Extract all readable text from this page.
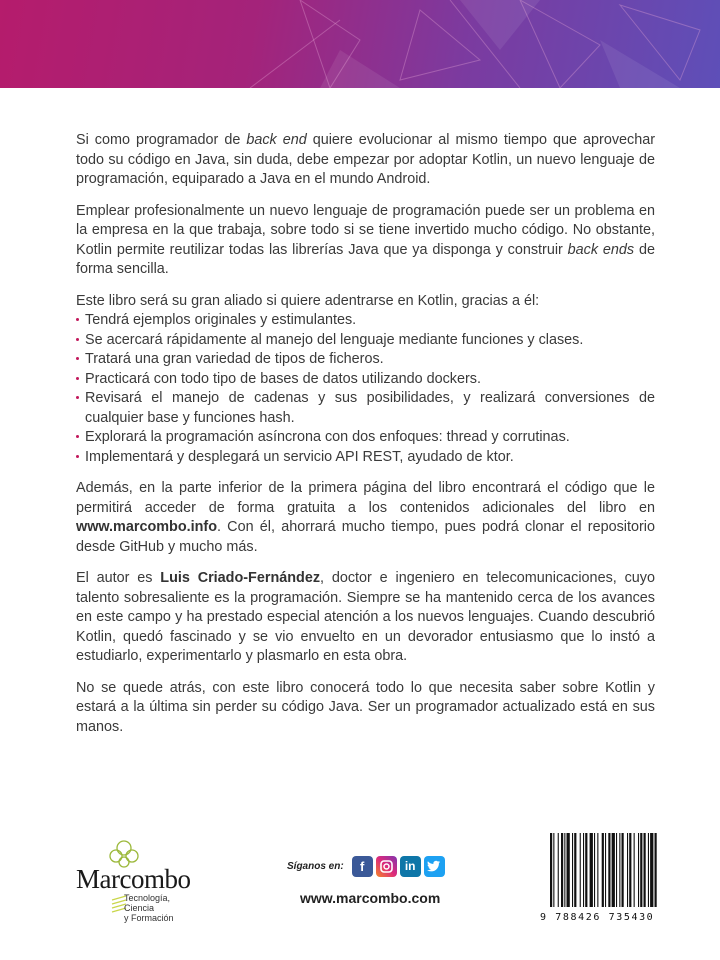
Si como programador de back end quiere evolucionar al mismo tiempo que aprovechar todo su código en Java, sin duda, debe empezar por adoptar Kotlin, un nuevo lenguaje de programación, equiparado a Java en el mundo Android.

Emplear profesionalmente un nuevo lenguaje de programación puede ser un problema en la empresa en la que trabaja, sobre todo si se tiene invertido mucho código. No obstante, Kotlin permite reutilizar todas las librerías Java que ya disponga y construir back ends de forma sencilla.

Este libro será su gran aliado si quiere adentrarse en Kotlin, gracias a él:

Tendrá ejemplos originales y estimulantes.
Se acercará rápidamente al manejo del lenguaje mediante funciones y clases.
Tratará una gran variedad de tipos de ficheros.
Practicará con todo tipo de bases de datos utilizando dockers.
Revisará el manejo de cadenas y sus posibilidades, y realizará conversiones de cualquier base y funciones hash.
Explorará la programación asíncrona con dos enfoques: thread y corrutinas.
Implementará y desplegará un servicio API REST, ayudado de ktor.

Además, en la parte inferior de la primera página del libro encontrará el código que le permitirá acceder de forma gratuita a los contenidos adicionales del libro en www.marcombo.info. Con él, ahorrará mucho tiempo, pues podrá clonar el repositorio desde GitHub y mucho más.

El autor es Luis Criado-Fernández, doctor e ingeniero en telecomunicaciones, cuyo talento sobresaliente es la programación. Siempre se ha mantenido cerca de los avances en este campo y ha prestado especial atención a los nuevos lenguajes. Cuando descubrió Kotlin, quedó fascinado y se vio envuelto en un devorador entusiasmo que lo instó a estudiarlo, experimentarlo y plasmarlo en esta obra.

No se quede atrás, con este libro conocerá todo lo que necesita saber sobre Kotlin y estará a la última sin perder su código Java. Ser un programador actualizado está en sus manos.

Marcombo
Tecnología,
Ciencia
y Formación
Síganos en:	f	in
www.marcombo.com
9 788426 735430
